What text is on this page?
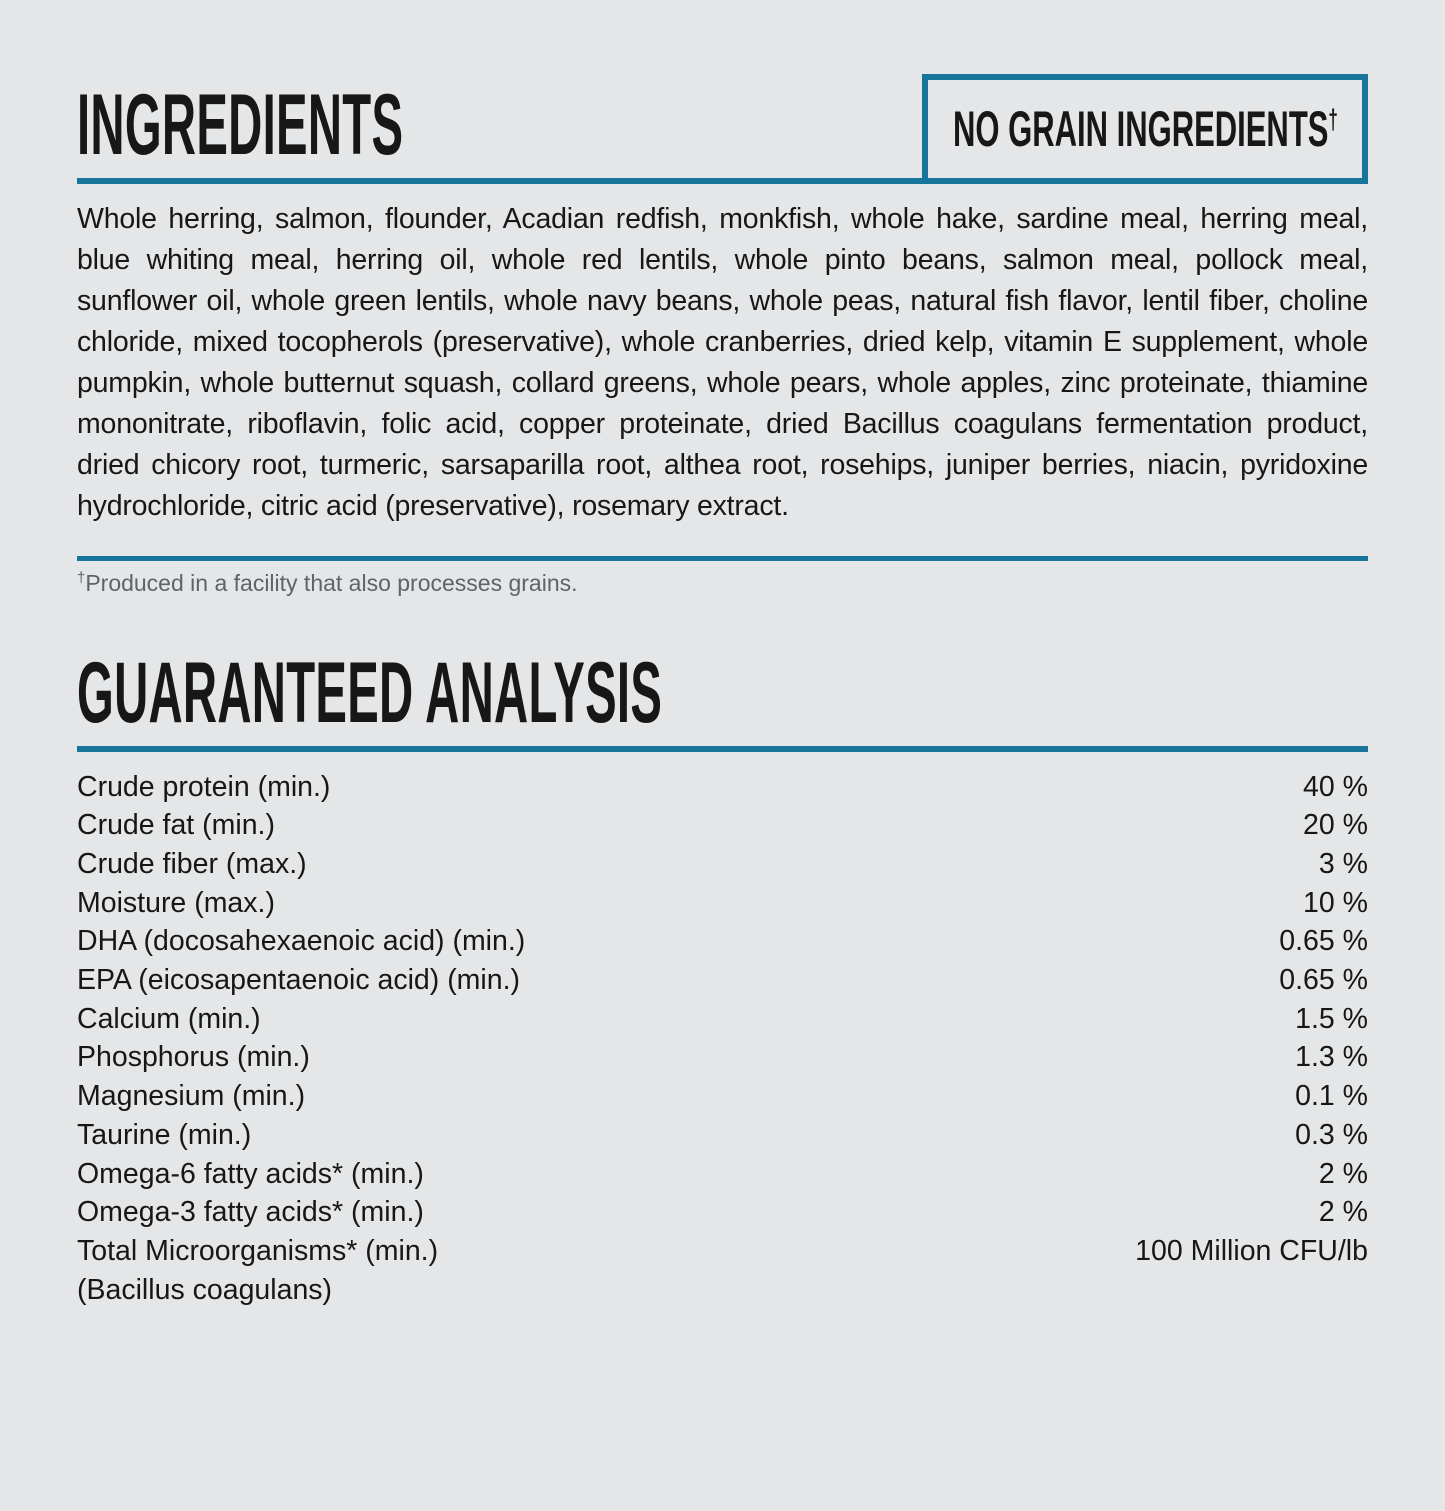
INGREDIENTS	NO GRAIN INGREDIENTS†

Whole herring, salmon, flounder, Acadian redfish, monkfish, whole hake, sardine meal, herring meal, blue whiting meal, herring oil, whole red lentils, whole pinto beans, salmon meal, pollock meal, sunflower oil, whole green lentils, whole navy beans, whole peas, natural fish flavor, lentil fiber, choline chloride, mixed tocopherols (preservative), whole cranberries, dried kelp, vitamin E supplement, whole pumpkin, whole butternut squash, collard greens, whole pears, whole apples, zinc proteinate, thiamine mononitrate, riboflavin, folic acid, copper proteinate, dried Bacillus coagulans fermentation product, dried chicory root, turmeric, sarsaparilla root, althea root, rosehips, juniper berries, niacin, pyridoxine hydrochloride, citric acid (preservative), rosemary extract.

†Produced in a facility that also processes grains.

GUARANTEED ANALYSIS
Crude protein (min.)	40 %
Crude fat (min.)	20 %
Crude fiber (max.)	3 %
Moisture (max.)	10 %
DHA (docosahexaenoic acid) (min.)	0.65 %
EPA (eicosapentaenoic acid) (min.)	0.65 %
Calcium (min.)	1.5 %
Phosphorus (min.)	1.3 %
Magnesium (min.)	0.1 %
Taurine (min.)	0.3 %
Omega-6 fatty acids* (min.)	2 %
Omega-3 fatty acids* (min.)	2 %
Total Microorganisms* (min.)	100 Million CFU/lb
(Bacillus coagulans)
